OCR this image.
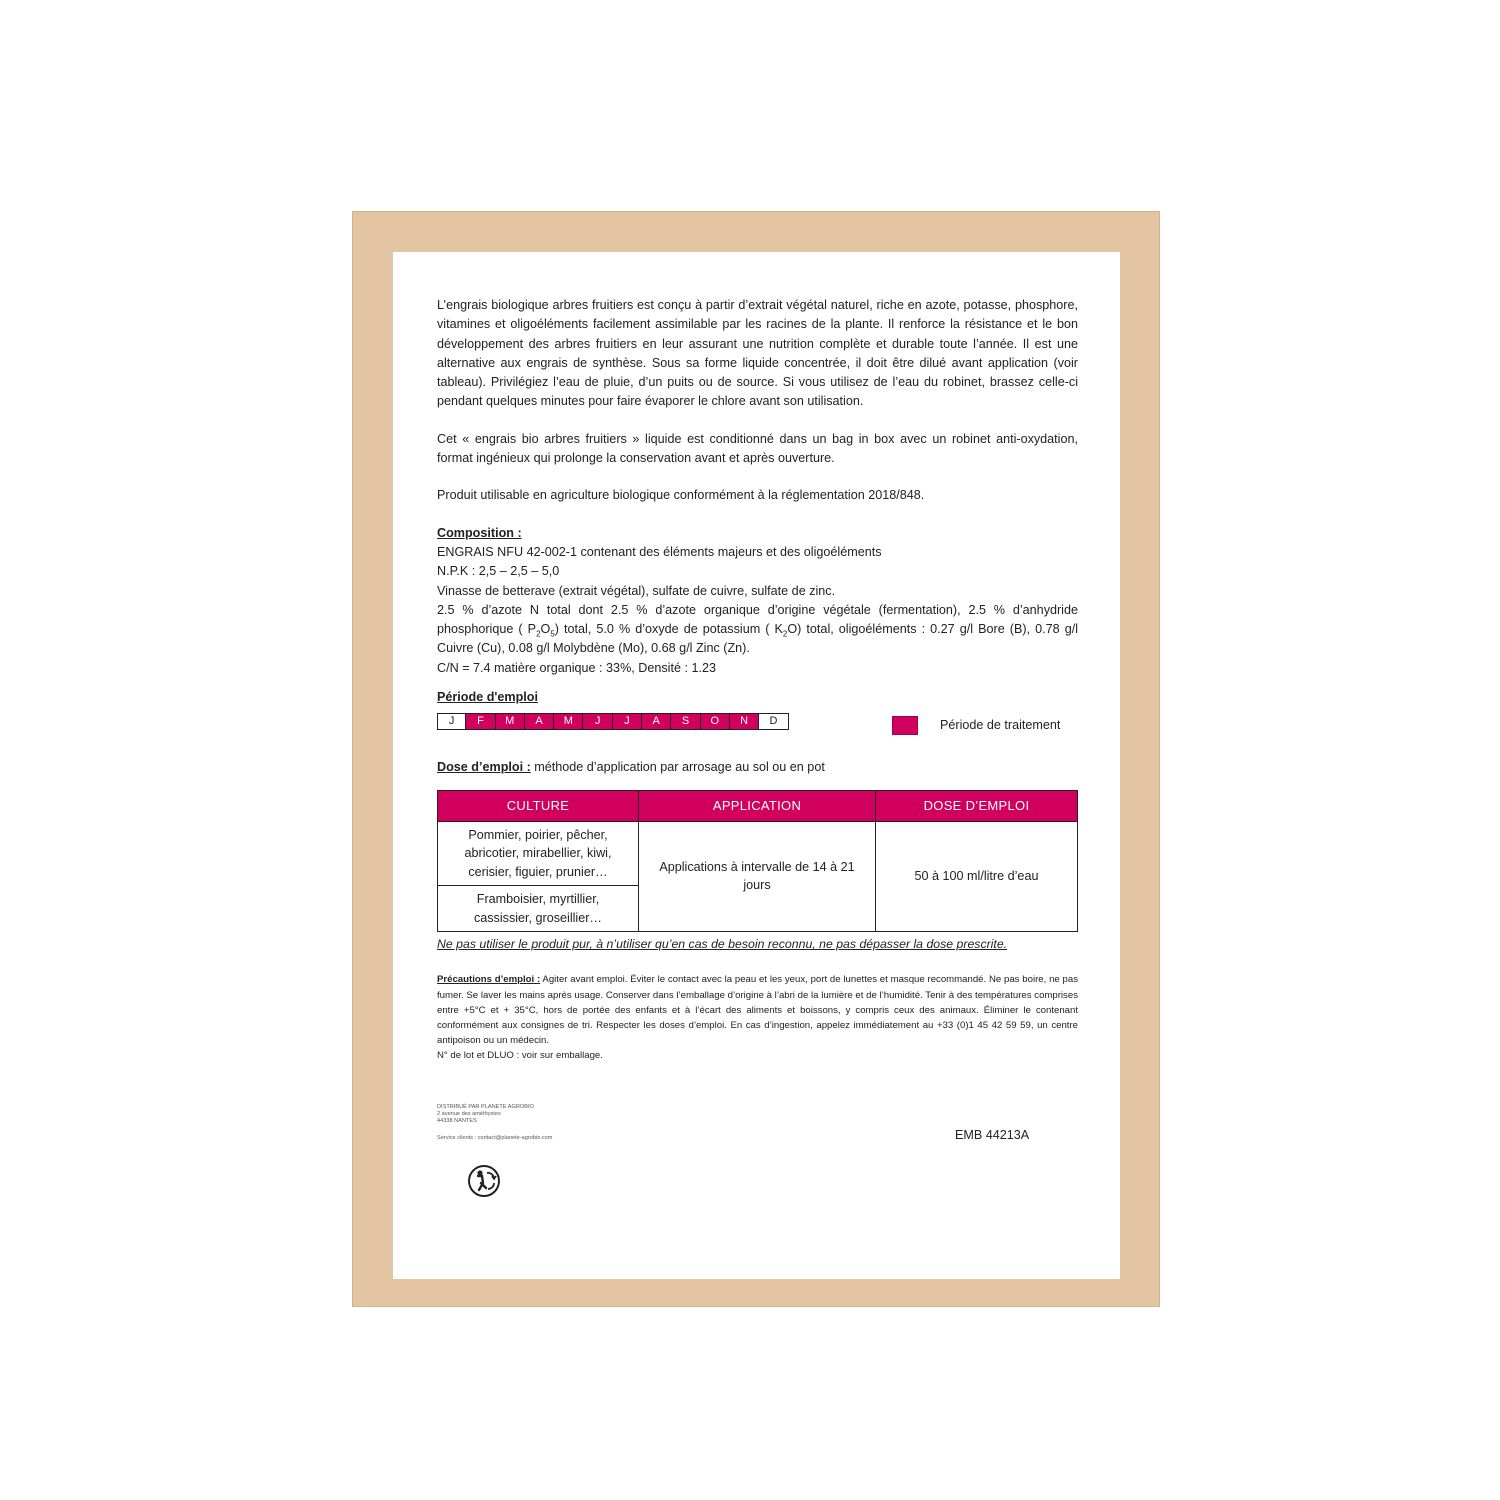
L’engrais biologique arbres fruitiers est conçu à partir d’extrait végétal naturel, riche en azote, potasse, phosphore, vitamines et oligoéléments facilement assimilable par les racines de la plante. Il renforce la résistance et le bon développement des arbres fruitiers en leur assurant une nutrition complète et durable toute l’année. Il est une alternative aux engrais de synthèse. Sous sa forme liquide concentrée, il doit être dilué avant application (voir tableau). Privilégiez l’eau de pluie, d’un puits ou de source. Si vous utilisez de l’eau du robinet, brassez celle-ci pendant quelques minutes pour faire évaporer le chlore avant son utilisation.

Cet « engrais bio arbres fruitiers » liquide est conditionné dans un bag in box avec un robinet anti-oxydation, format ingénieux qui prolonge la conservation avant et après ouverture.

Produit utilisable en agriculture biologique conformément à la réglementation 2018/848.

Composition :
ENGRAIS NFU 42-002-1 contenant des éléments majeurs et des oligoéléments
N.P.K : 2,5 – 2,5 – 5,0
Vinasse de betterave (extrait végétal), sulfate de cuivre, sulfate de zinc.
2.5 % d’azote N total dont 2.5 % d’azote organique d’origine végétale (fermentation), 2.5 % d’anhydride phosphorique ( $P_2O_5$) total, 5.0 % d’oxyde de potassium ( $K_2O$) total, oligoéléments : 0.27 g/l Bore (B), 0.78 g/l Cuivre (Cu), 0.08 g/l Molybdène (Mo), 0.68 g/l Zinc (Zn).
C/N = 7.4 matière organique : 33%, Densité : 1.23
Période d'emploi
J	F	M	A	M	J	J	A	S	O	N	D	Période de traitement
Dose d’emploi : méthode d’application par arrosage au sol ou en pot
CULTURE	APPLICATION	DOSE D’EMPLOI
Pommier, poirier, pêcher, abricotier, mirabellier, kiwi, cerisier, figuier, prunier…	Applications à intervalle de 14 à 21 jours	50 à 100 ml/litre d’eau
Framboisier, myrtillier, cassissier, groseillier…		
Ne pas utiliser le produit pur, à n’utiliser qu’en cas de besoin reconnu, ne pas dépasser la dose prescrite.
Précautions d’emploi : Agiter avant emploi. Éviter le contact avec la peau et les yeux, port de lunettes et masque recommandé. Ne pas boire, ne pas fumer. Se laver les mains après usage. Conserver dans l’emballage d’origine à l’abri de la lumière et de l’humidité. Tenir à des températures comprises entre +5°C et + 35°C, hors de portée des enfants et à l’écart des aliments et boissons, y compris ceux des animaux. Éliminer le contenant conformément aux consignes de tri. Respecter les doses d’emploi. En cas d’ingestion, appelez immédiatement au +33 (0)1 45 42 59 59, un centre antipoison ou un médecin.
N° de lot et DLUO : voir sur emballage.
DISTRIBUÉ PAR PLANETE AGROBIO
2 avenue des améthystes
44338 NANTES
Service clients : contact@planete-agrobio.com	EMB 44213A
